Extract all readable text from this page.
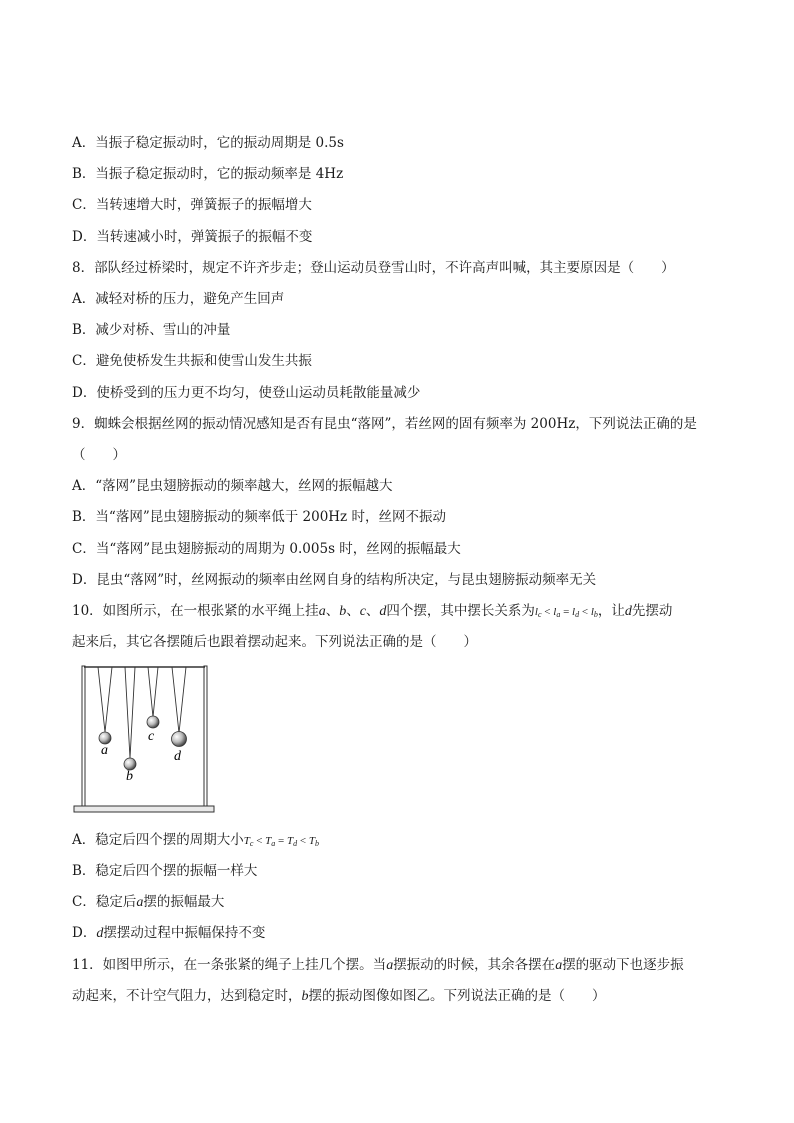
A．当振子稳定振动时，它的振动周期是 0.5s
B．当振子稳定振动时，它的振动频率是 4Hz
C．当转速增大时，弹簧振子的振幅增大
D．当转速减小时，弹簧振子的振幅不变
8．部队经过桥梁时，规定不许齐步走；登山运动员登雪山时，不许高声叫喊，其主要原因是（　　）
A．减轻对桥的压力，避免产生回声
B．减少对桥、雪山的冲量
C．避免使桥发生共振和使雪山发生共振
D．使桥受到的压力更不均匀，使登山运动员耗散能量减少
9．蜘蛛会根据丝网的振动情况感知是否有昆虫“落网”，若丝网的固有频率为 200Hz，下列说法正确的是
（　　）
A．“落网”昆虫翅膀振动的频率越大，丝网的振幅越大
B．当“落网”昆虫翅膀振动的频率低于 200Hz 时，丝网不振动
C．当“落网”昆虫翅膀振动的周期为 0.005s 时，丝网的振幅最大
D．昆虫“落网”时，丝网振动的频率由丝网自身的结构所决定，与昆虫翅膀振动频率无关
10．如图所示，在一根张紧的水平绳上挂a、b、c、d四个摆，其中摆长关系为$l_c < l_a = l_d < l_b$，让d先摆动
起来后，其它各摆随后也跟着摆动起来。下列说法正确的是（　　）
a
b
c
d
A．稳定后四个摆的周期大小$T_c < T_a = T_d < T_b$
B．稳定后四个摆的振幅一样大
C．稳定后a摆的振幅最大
D．d摆摆动过程中振幅保持不变
11．如图甲所示，在一条张紧的绳子上挂几个摆。当a摆振动的时候，其余各摆在a摆的驱动下也逐步振
动起来，不计空气阻力，达到稳定时，b摆的振动图像如图乙。下列说法正确的是（　　）
